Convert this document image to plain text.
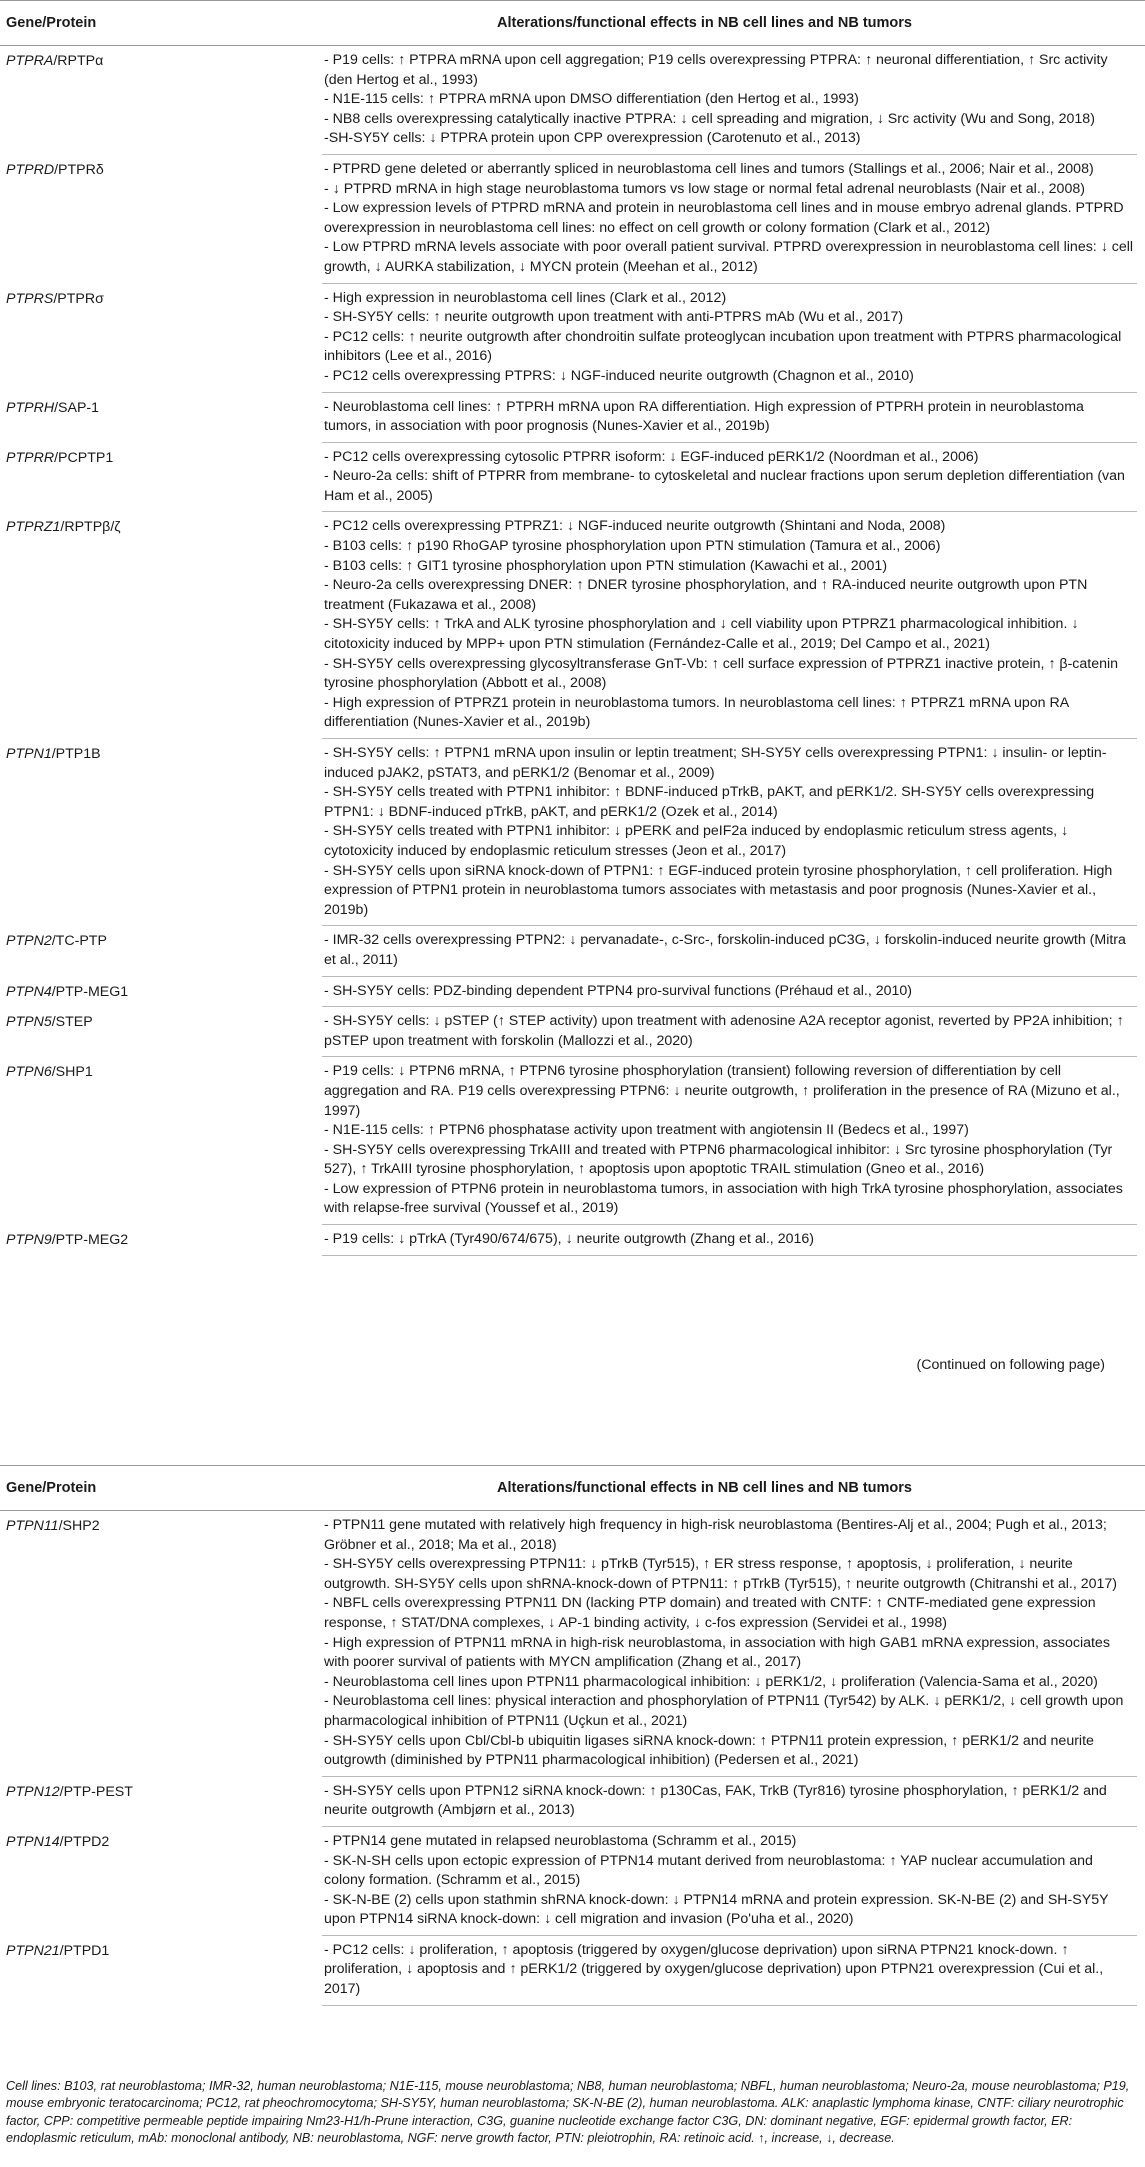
Gene/Protein	Alterations/functional effects in NB cell lines and NB tumors
PTPRA/RPTPα	- P19 cells: ↑ PTPRA mRNA upon cell aggregation; P19 cells overexpressing PTPRA: ↑ neuronal differentiation, ↑ Src activity (den Hertog et al., 1993)

- N1E-115 cells: ↑ PTPRA mRNA upon DMSO differentiation (den Hertog et al., 1993)

- NB8 cells overexpressing catalytically inactive PTPRA: ↓ cell spreading and migration, ↓ Src activity (Wu and Song, 2018)

-SH-SY5Y cells: ↓ PTPRA protein upon CPP overexpression (Carotenuto et al., 2013)

PTPRD/PTPRδ	- PTPRD gene deleted or aberrantly spliced in neuroblastoma cell lines and tumors (Stallings et al., 2006; Nair et al., 2008)

- ↓ PTPRD mRNA in high stage neuroblastoma tumors vs low stage or normal fetal adrenal neuroblasts (Nair et al., 2008)

- Low expression levels of PTPRD mRNA and protein in neuroblastoma cell lines and in mouse embryo adrenal glands. PTPRD overexpression in neuroblastoma cell lines: no effect on cell growth or colony formation (Clark et al., 2012)

- Low PTPRD mRNA levels associate with poor overall patient survival. PTPRD overexpression in neuroblastoma cell lines: ↓ cell growth, ↓ AURKA stabilization, ↓ MYCN protein (Meehan et al., 2012)

PTPRS/PTPRσ	- High expression in neuroblastoma cell lines (Clark et al., 2012)

- SH-SY5Y cells: ↑ neurite outgrowth upon treatment with anti-PTPRS mAb (Wu et al., 2017)

- PC12 cells: ↑ neurite outgrowth after chondroitin sulfate proteoglycan incubation upon treatment with PTPRS pharmacological inhibitors (Lee et al., 2016)

- PC12 cells overexpressing PTPRS: ↓ NGF-induced neurite outgrowth (Chagnon et al., 2010)

PTPRH/SAP-1	- Neuroblastoma cell lines: ↑ PTPRH mRNA upon RA differentiation. High expression of PTPRH protein in neuroblastoma tumors, in association with poor prognosis (Nunes-Xavier et al., 2019b)

PTPRR/PCPTP1	- PC12 cells overexpressing cytosolic PTPRR isoform: ↓ EGF-induced pERK1/2 (Noordman et al., 2006)

- Neuro-2a cells: shift of PTPRR from membrane- to cytoskeletal and nuclear fractions upon serum depletion differentiation (van Ham et al., 2005)

PTPRZ1/RPTPβ/ζ	- PC12 cells overexpressing PTPRZ1: ↓ NGF-induced neurite outgrowth (Shintani and Noda, 2008)

- B103 cells: ↑ p190 RhoGAP tyrosine phosphorylation upon PTN stimulation (Tamura et al., 2006)

- B103 cells: ↑ GIT1 tyrosine phosphorylation upon PTN stimulation (Kawachi et al., 2001)

- Neuro-2a cells overexpressing DNER: ↑ DNER tyrosine phosphorylation, and ↑ RA-induced neurite outgrowth upon PTN treatment (Fukazawa et al., 2008)

- SH-SY5Y cells: ↑ TrkA and ALK tyrosine phosphorylation and ↓ cell viability upon PTPRZ1 pharmacological inhibition. ↓ citotoxicity induced by MPP+ upon PTN stimulation (Fernández-Calle et al., 2019; Del Campo et al., 2021)

- SH-SY5Y cells overexpressing glycosyltransferase GnT-Vb: ↑ cell surface expression of PTPRZ1 inactive protein, ↑ β-catenin tyrosine phosphorylation (Abbott et al., 2008)

- High expression of PTPRZ1 protein in neuroblastoma tumors. In neuroblastoma cell lines: ↑ PTPRZ1 mRNA upon RA differentiation (Nunes-Xavier et al., 2019b)

PTPN1/PTP1B	- SH-SY5Y cells: ↑ PTPN1 mRNA upon insulin or leptin treatment; SH-SY5Y cells overexpressing PTPN1: ↓ insulin- or leptin-induced pJAK2, pSTAT3, and pERK1/2 (Benomar et al., 2009)

- SH-SY5Y cells treated with PTPN1 inhibitor: ↑ BDNF-induced pTrkB, pAKT, and pERK1/2. SH-SY5Y cells overexpressing PTPN1: ↓ BDNF-induced pTrkB, pAKT, and pERK1/2 (Ozek et al., 2014)

- SH-SY5Y cells treated with PTPN1 inhibitor: ↓ pPERK and peIF2a induced by endoplasmic reticulum stress agents, ↓ cytotoxicity induced by endoplasmic reticulum stresses (Jeon et al., 2017)

- SH-SY5Y cells upon siRNA knock-down of PTPN1: ↑ EGF-induced protein tyrosine phosphorylation, ↑ cell proliferation. High expression of PTPN1 protein in neuroblastoma tumors associates with metastasis and poor prognosis (Nunes-Xavier et al., 2019b)

PTPN2/TC-PTP	- IMR-32 cells overexpressing PTPN2: ↓ pervanadate-, c-Src-, forskolin-induced pC3G, ↓ forskolin-induced neurite growth (Mitra et al., 2011)

PTPN4/PTP-MEG1	- SH-SY5Y cells: PDZ-binding dependent PTPN4 pro-survival functions (Préhaud et al., 2010)

PTPN5/STEP	- SH-SY5Y cells: ↓ pSTEP (↑ STEP activity) upon treatment with adenosine A2A receptor agonist, reverted by PP2A inhibition; ↑ pSTEP upon treatment with forskolin (Mallozzi et al., 2020)

PTPN6/SHP1	- P19 cells: ↓ PTPN6 mRNA, ↑ PTPN6 tyrosine phosphorylation (transient) following reversion of differentiation by cell aggregation and RA. P19 cells overexpressing PTPN6: ↓ neurite outgrowth, ↑ proliferation in the presence of RA (Mizuno et al., 1997)

- N1E-115 cells: ↑ PTPN6 phosphatase activity upon treatment with angiotensin II (Bedecs et al., 1997)

- SH-SY5Y cells overexpressing TrkAIII and treated with PTPN6 pharmacological inhibitor: ↓ Src tyrosine phosphorylation (Tyr 527), ↑ TrkAIII tyrosine phosphorylation, ↑ apoptosis upon apoptotic TRAIL stimulation (Gneo et al., 2016)

- Low expression of PTPN6 protein in neuroblastoma tumors, in association with high TrkA tyrosine phosphorylation, associates with relapse-free survival (Youssef et al., 2019)

PTPN9/PTP-MEG2	- P19 cells: ↓ pTrkA (Tyr490/674/675), ↓ neurite outgrowth (Zhang et al., 2016)

(Continued on following page)
Gene/Protein	Alterations/functional effects in NB cell lines and NB tumors
PTPN11/SHP2	- PTPN11 gene mutated with relatively high frequency in high-risk neuroblastoma (Bentires-Alj et al., 2004; Pugh et al., 2013; Gröbner et al., 2018; Ma et al., 2018)

- SH-SY5Y cells overexpressing PTPN11: ↓ pTrkB (Tyr515), ↑ ER stress response, ↑ apoptosis, ↓ proliferation, ↓ neurite outgrowth. SH-SY5Y cells upon shRNA-knock-down of PTPN11: ↑ pTrkB (Tyr515), ↑ neurite outgrowth (Chitranshi et al., 2017)

- NBFL cells overexpressing PTPN11 DN (lacking PTP domain) and treated with CNTF: ↑ CNTF-mediated gene expression response, ↑ STAT/DNA complexes, ↓ AP-1 binding activity, ↓ c-fos expression (Servidei et al., 1998)

- High expression of PTPN11 mRNA in high-risk neuroblastoma, in association with high GAB1 mRNA expression, associates with poorer survival of patients with MYCN amplification (Zhang et al., 2017)

- Neuroblastoma cell lines upon PTPN11 pharmacological inhibition: ↓ pERK1/2, ↓ proliferation (Valencia-Sama et al., 2020)

- Neuroblastoma cell lines: physical interaction and phosphorylation of PTPN11 (Tyr542) by ALK. ↓ pERK1/2, ↓ cell growth upon pharmacological inhibition of PTPN11 (Uçkun et al., 2021)

- SH-SY5Y cells upon Cbl/Cbl-b ubiquitin ligases siRNA knock-down: ↑ PTPN11 protein expression, ↑ pERK1/2 and neurite outgrowth (diminished by PTPN11 pharmacological inhibition) (Pedersen et al., 2021)

PTPN12/PTP-PEST	- SH-SY5Y cells upon PTPN12 siRNA knock-down: ↑ p130Cas, FAK, TrkB (Tyr816) tyrosine phosphorylation, ↑ pERK1/2 and neurite outgrowth (Ambjørn et al., 2013)

PTPN14/PTPD2	- PTPN14 gene mutated in relapsed neuroblastoma (Schramm et al., 2015)

- SK-N-SH cells upon ectopic expression of PTPN14 mutant derived from neuroblastoma: ↑ YAP nuclear accumulation and colony formation. (Schramm et al., 2015)

- SK-N-BE (2) cells upon stathmin shRNA knock-down: ↓ PTPN14 mRNA and protein expression. SK-N-BE (2) and SH-SY5Y upon PTPN14 siRNA knock-down: ↓ cell migration and invasion (Po'uha et al., 2020)

PTPN21/PTPD1	- PC12 cells: ↓ proliferation, ↑ apoptosis (triggered by oxygen/glucose deprivation) upon siRNA PTPN21 knock-down. ↑ proliferation, ↓ apoptosis and ↑ pERK1/2 (triggered by oxygen/glucose deprivation) upon PTPN21 overexpression (Cui et al., 2017)

Cell lines: B103, rat neuroblastoma; IMR-32, human neuroblastoma; N1E-115, mouse neuroblastoma; NB8, human neuroblastoma; NBFL, human neuroblastoma; Neuro-2a, mouse neuroblastoma; P19, mouse embryonic teratocarcinoma; PC12, rat pheochromocytoma; SH-SY5Y, human neuroblastoma; SK-N-BE (2), human neuroblastoma. ALK: anaplastic lymphoma kinase, CNTF: ciliary neurotrophic factor, CPP: competitive permeable peptide impairing Nm23-H1/h-Prune interaction, C3G, guanine nucleotide exchange factor C3G, DN: dominant negative, EGF: epidermal growth factor, ER: endoplasmic reticulum, mAb: monoclonal antibody, NB: neuroblastoma, NGF: nerve growth factor, PTN: pleiotrophin, RA: retinoic acid. ↑, increase, ↓, decrease.
